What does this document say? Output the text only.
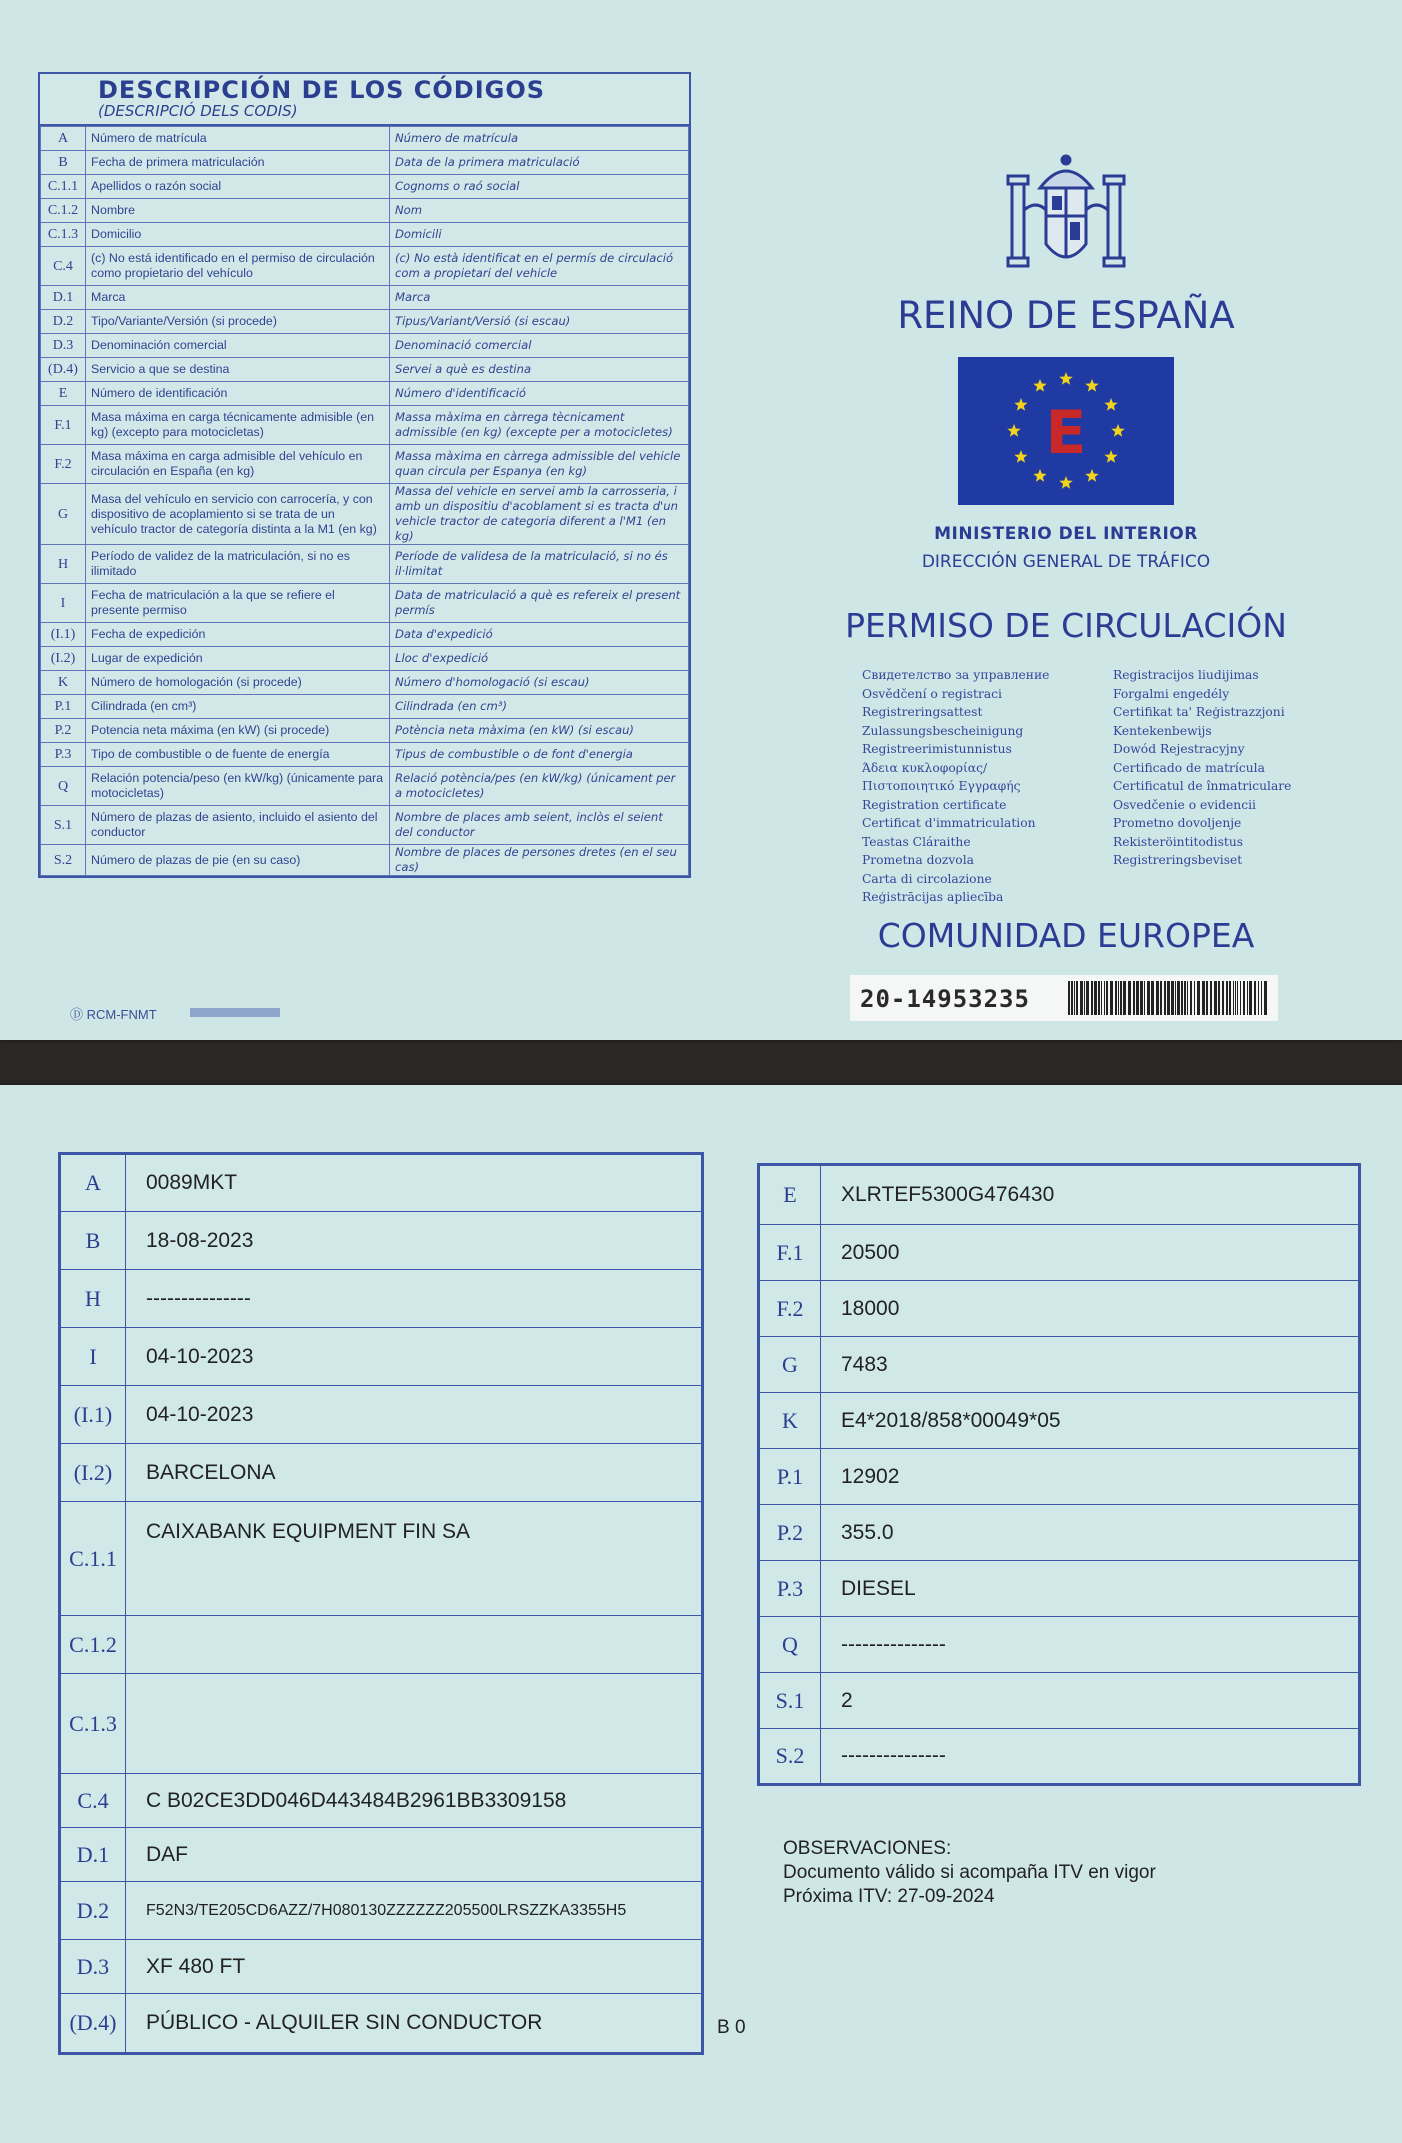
DESCRIPCIÓN DE LOS CÓDIGOS
(DESCRIPCIÓ DELS CODIS)
A	Número de matrícula	Número de matrícula
B	Fecha de primera matriculación	Data de la primera matriculació
C.1.1	Apellidos o razón social	Cognoms o raó social
C.1.2	Nombre	Nom
C.1.3	Domicilio	Domicili
C.4	(c) No está identificado en el permiso de circulación como propietario del vehículo	(c) No està identificat en el permís de circulació com a propietari del vehicle
D.1	Marca	Marca
D.2	Tipo/Variante/Versión (si procede)	Tipus/Variant/Versió (si escau)
D.3	Denominación comercial	Denominació comercial
(D.4)	Servicio a que se destina	Servei a què es destina
E	Número de identificación	Número d'identificació
F.1	Masa máxima en carga técnicamente admisible (en kg) (excepto para motocicletas)	Massa màxima en càrrega tècnicament admissible (en kg) (excepte per a motocicletes)
F.2	Masa máxima en carga admisible del vehículo en circulación en España (en kg)	Massa màxima en càrrega admissible del vehicle quan circula per Espanya (en kg)
G	Masa del vehículo en servicio con carrocería, y con dispositivo de acoplamiento si se trata de un vehículo tractor de categoría distinta a la M1 (en kg)	Massa del vehicle en servei amb la carrosseria, i amb un dispositiu d'acoblament si es tracta d'un vehicle tractor de categoria diferent a l'M1 (en kg)
H	Período de validez de la matriculación, si no es ilimitado	Període de validesa de la matriculació, si no és il·limitat
I	Fecha de matriculación a la que se refiere el presente permiso	Data de matriculació a què es refereix el present permís
(I.1)	Fecha de expedición	Data d'expedició
(I.2)	Lugar de expedición	Lloc d'expedició
K	Número de homologación (si procede)	Número d'homologació (si escau)
P.1	Cilindrada (en cm³)	Cilindrada (en cm³)
P.2	Potencia neta máxima (en kW) (si procede)	Potència neta màxima (en kW) (si escau)
P.3	Tipo de combustible o de fuente de energía	Tipus de combustible o de font d'energia
Q	Relación potencia/peso (en kW/kg) (únicamente para motocicletas)	Relació potència/pes (en kW/kg) (únicament per a motocicletes)
S.1	Número de plazas de asiento, incluido el asiento del conductor	Nombre de places amb seient, inclòs el seient del conductor
S.2	Número de plazas de pie (en su caso)	Nombre de places de persones dretes (en el seu cas)
Ⓓ RCM-FNMT
REINO DE ESPAÑA
E
MINISTERIO DEL INTERIOR
DIRECCIÓN GENERAL DE TRÁFICO
PERMISO DE CIRCULACIÓN
Свидетелство за управление
Osvědčení o registraci
Registreringsattest
Zulassungsbescheinigung
Registreerimistunnistus
Άδεια κυκλοφορίας/
Πιστοποιητικό Εγγραφής
Registration certificate
Certificat d'immatriculation
Teastas Cláraithe
Prometna dozvola
Carta di circolazione
Reģistrācijas apliecība
Registracijos liudijimas
Forgalmi engedély
Certifikat ta' Reġistrazzjoni
Kentekenbewijs
Dowód Rejestracyjny
Certificado de matrícula
Certificatul de înmatriculare
Osvedčenie o evidencii
Prometno dovoljenje
Rekisteröintitodistus
Registreringsbeviset
COMUNIDAD EUROPEA
20-14953235
A	0089MKT
B	18-08-2023
H	---------------
I	04-10-2023
(I.1)	04-10-2023
(I.2)	BARCELONA
C.1.1	CAIXABANK EQUIPMENT FIN SA
C.1.2	
C.1.3	
C.4	C B02CE3DD046D443484B2961BB3309158
D.1	DAF
D.2	F52N3/TE205CD6AZZ/7H080130ZZZZZZ205500LRSZZKA3355H5
D.3	XF 480 FT
(D.4)	PÚBLICO - ALQUILER SIN CONDUCTOR
E	XLRTEF5300G476430
F.1	20500
F.2	18000
G	7483
K	E4*2018/858*00049*05
P.1	12902
P.2	355.0
P.3	DIESEL
Q	---------------
S.1	2
S.2	---------------
OBSERVACIONES:
Documento válido si acompaña ITV en vigor
Próxima ITV: 27-09-2024
B 0
